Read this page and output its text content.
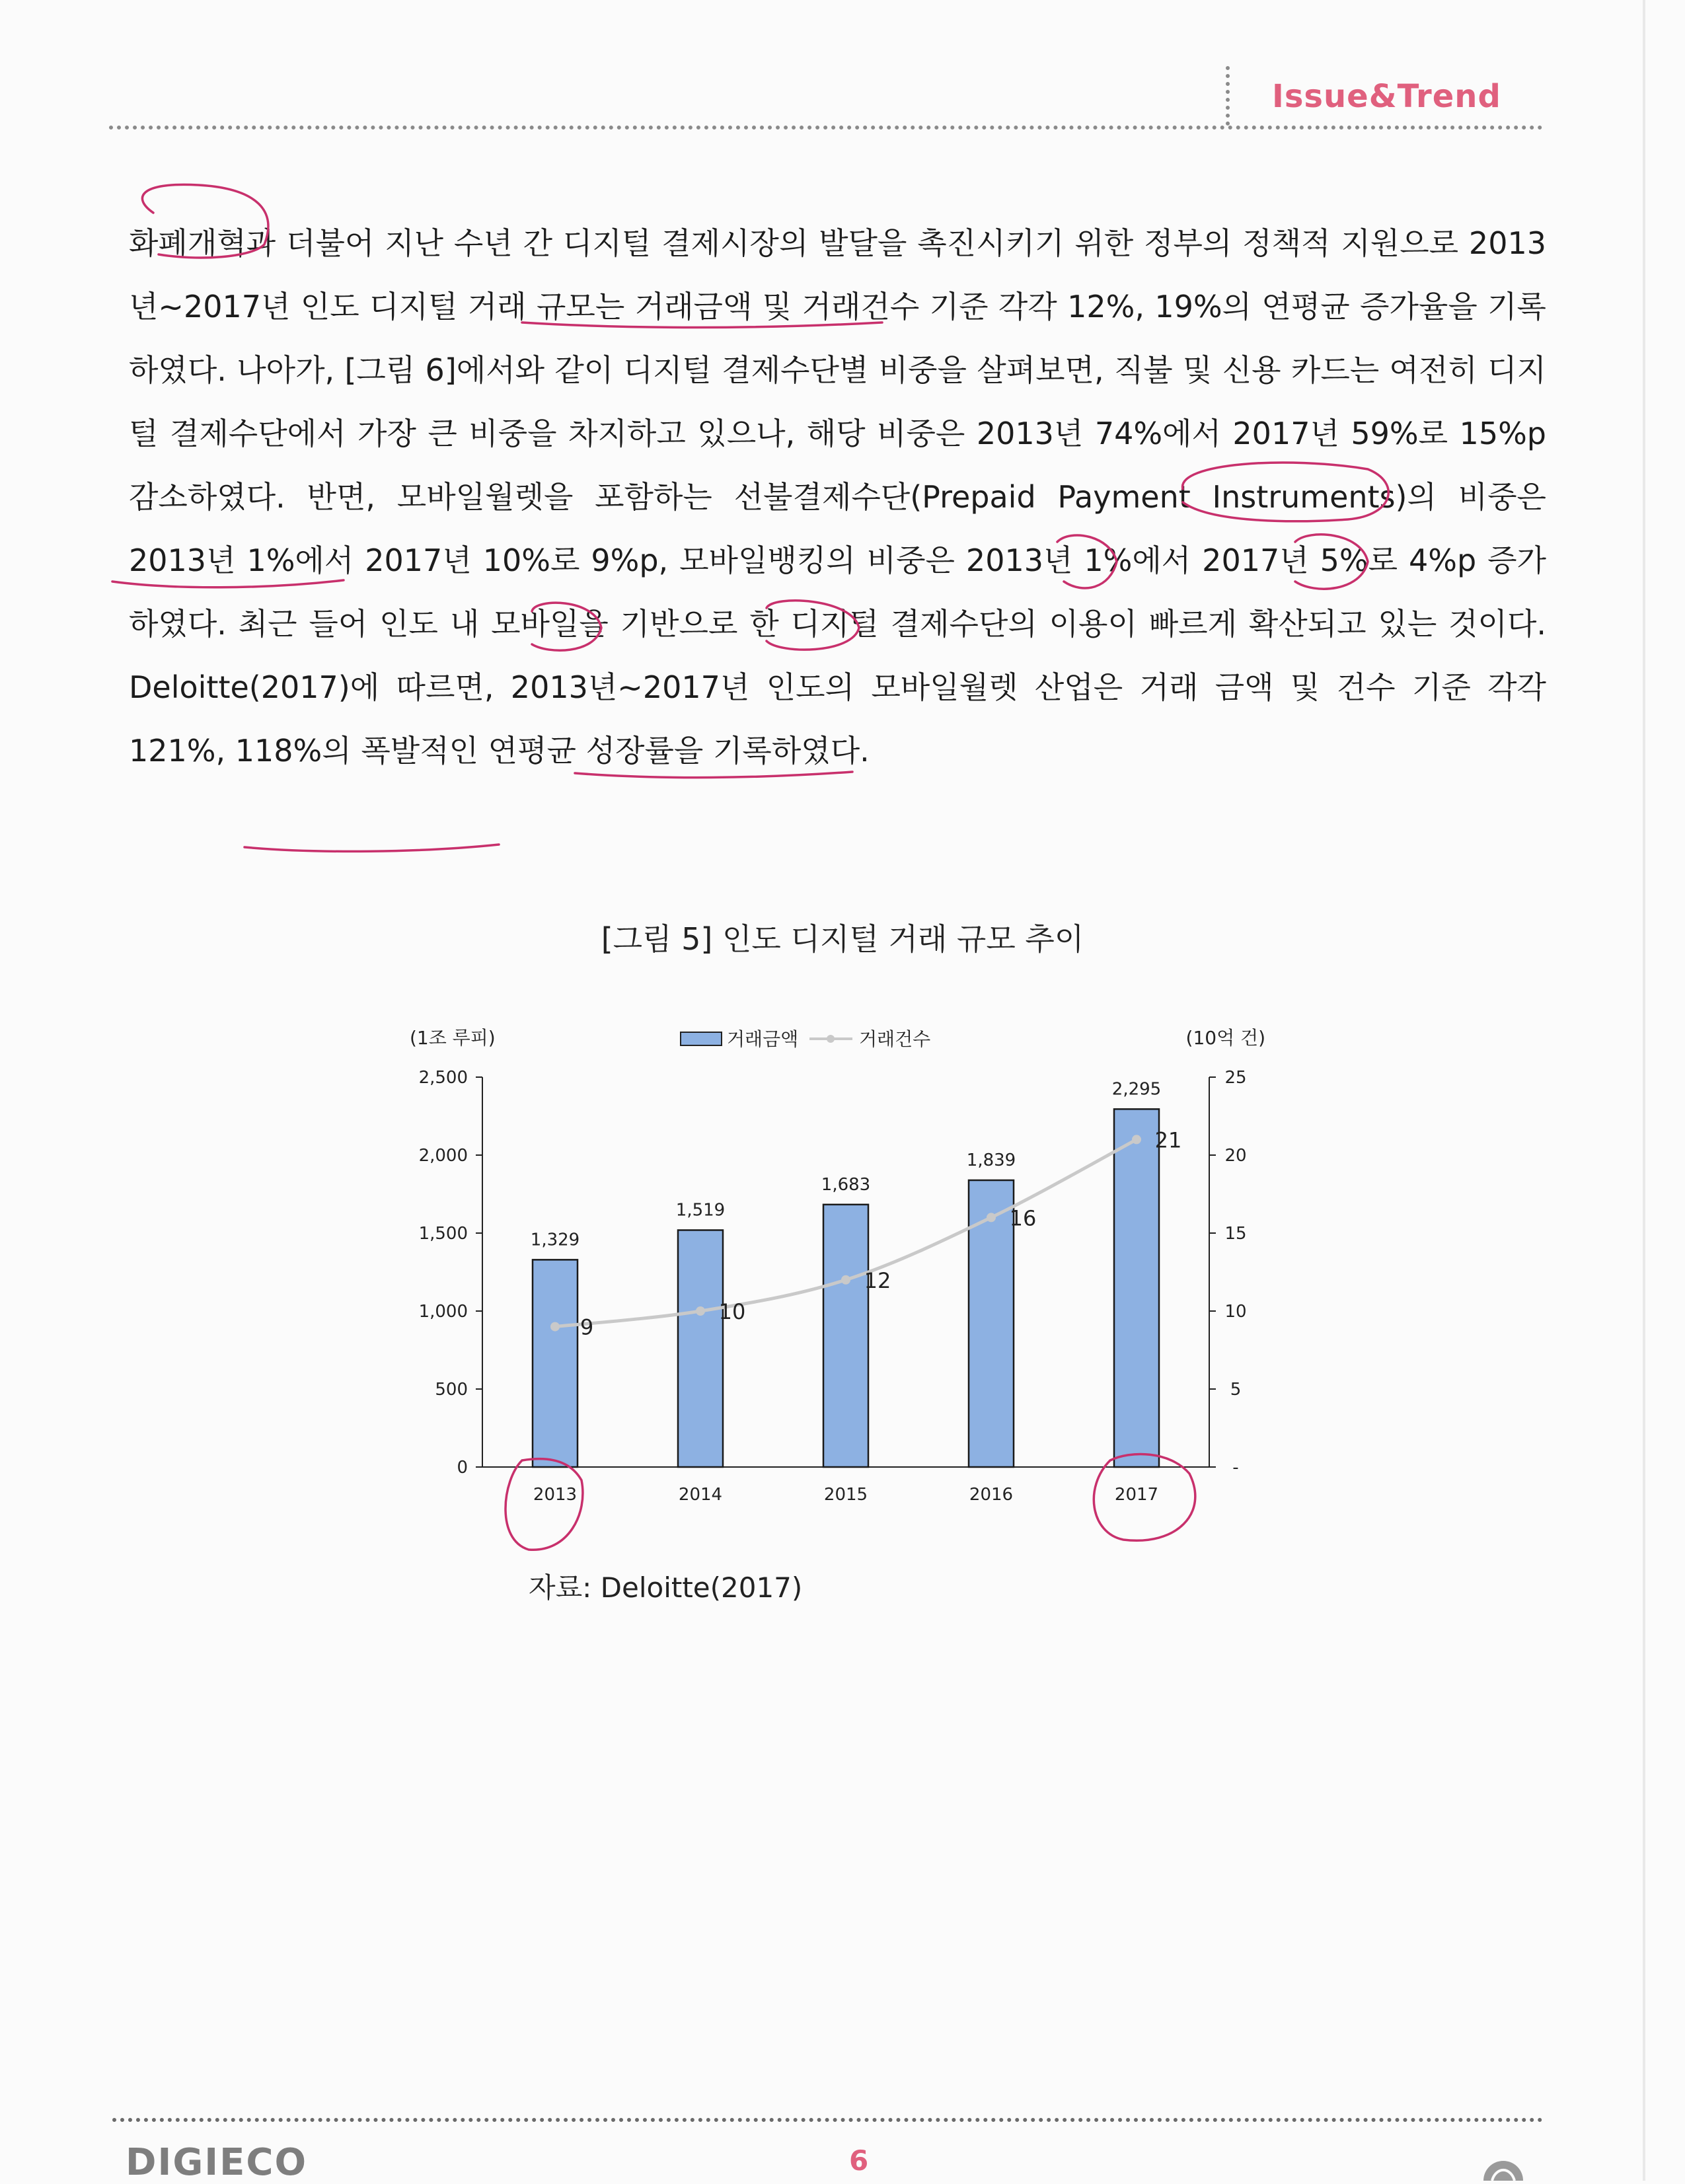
Issue&Trend

화폐개혁과 더불어 지난 수년 간 디지털 결제시장의 발달을 촉진시키기 위한 정부의 정책적 지원으로 2013년~2017년 인도 디지털 거래 규모는 거래금액 및 거래건수 기준 각각 12%, 19%의 연평균 증가율을 기록하였다. 나아가, [그림 6]에서와 같이 디지털 결제수단별 비중을 살펴보면, 직불 및 신용 카드는 여전히 디지털 결제수단에서 가장 큰 비중을 차지하고 있으나, 해당 비중은 2013년 74%에서 2017년 59%로 15%p 감소하였다. 반면, 모바일월렛을 포함하는 선불결제수단(Prepaid Payment Instruments)의 비중은 2013년 1%에서 2017년 10%로 9%p, 모바일뱅킹의 비중은 2013년 1%에서 2017년 5%로 4%p 증가하였다. 최근 들어 인도 내 모바일을 기반으로 한 디지털 결제수단의 이용이 빠르게 확산되고 있는 것이다. Deloitte(2017)에 따르면, 2013년~2017년 인도의 모바일월렛 산업은 거래 금액 및 건수 기준 각각 121%, 118%의 폭발적인 연평균 성장률을 기록하였다.

[그림 5] 인도 디지털 거래 규모 추이
0
500
1,000
1,500
2,000
2,500
-
5
10
15
20
25
(1조 루피)	(10억 건)
거래금액	거래건수
1,329
1,519
1,683
1,839
2,295
2013	2014	2015	2016	2017
9
10
12
16
21
자료: Deloitte(2017)
DIGIECO	6
